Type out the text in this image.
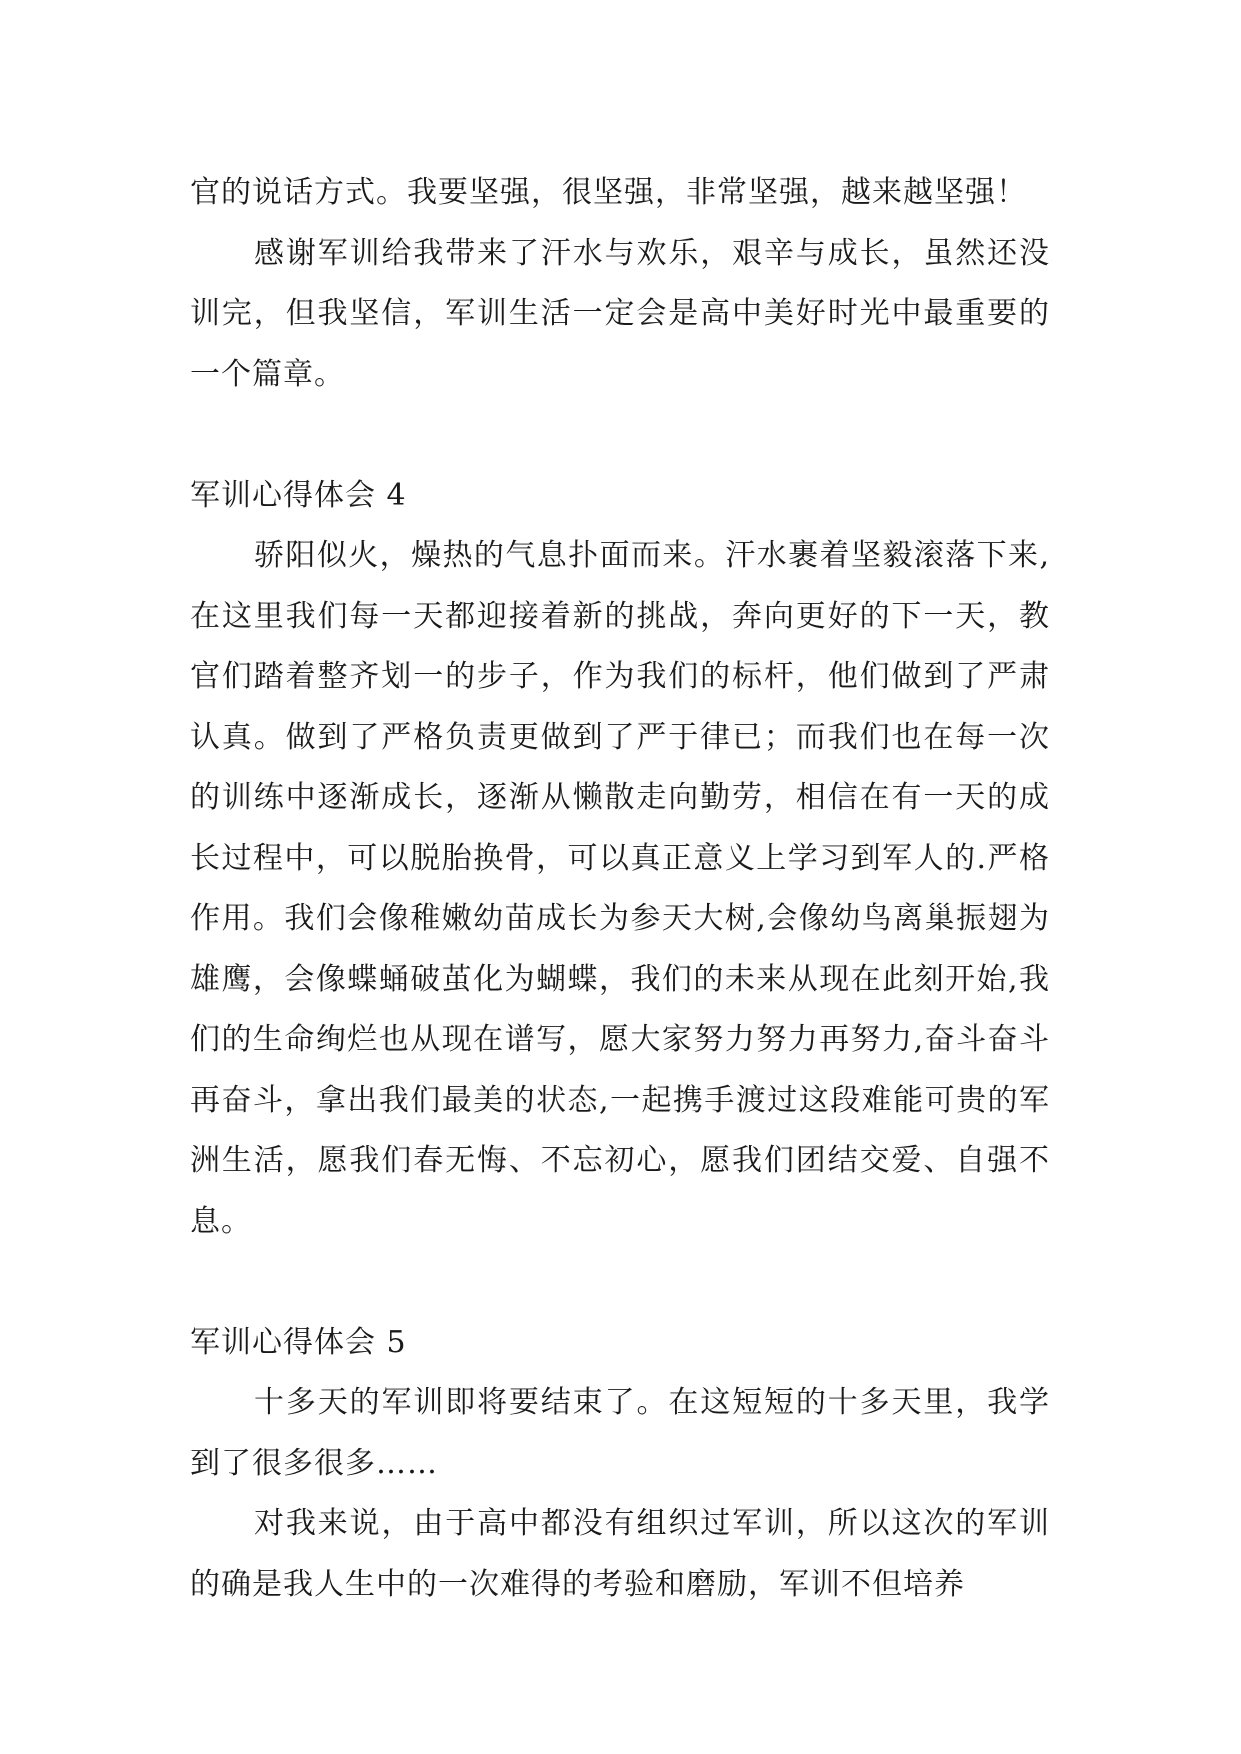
官的说话方式。我要坚强，很坚强，非常坚强，越来越坚强！

感谢军训给我带来了汗水与欢乐，艰辛与成长，虽然还没训完，但我坚信，军训生活一定会是高中美好时光中最重要的一个篇章。

军训心得体会 4

骄阳似火，燥热的气息扑面而来。汗水裹着坚毅滚落下来,在这里我们每一天都迎接着新的挑战，奔向更好的下一天，教官们踏着整齐划一的步子，作为我们的标杆，他们做到了严肃认真。做到了严格负责更做到了严于律已；而我们也在每一次的训练中逐渐成长，逐渐从懒散走向勤劳，相信在有一天的成长过程中，可以脱胎换骨，可以真正意义上学习到军人的.严格作用。我们会像稚嫩幼苗成长为参天大树,会像幼鸟离巢振翅为雄鹰，会像蝶蛹破茧化为蝴蝶，我们的未来从现在此刻开始,我们的生命绚烂也从现在谱写，愿大家努力努力再努力,奋斗奋斗再奋斗，拿出我们最美的状态,一起携手渡过这段难能可贵的军洲生活，愿我们春无悔、不忘初心，愿我们团结交爱、自强不息。

军训心得体会 5

十多天的军训即将要结束了。在这短短的十多天里，我学到了很多很多……

对我来说，由于高中都没有组织过军训，所以这次的军训的确是我人生中的一次难得的考验和磨励，军训不但培养
